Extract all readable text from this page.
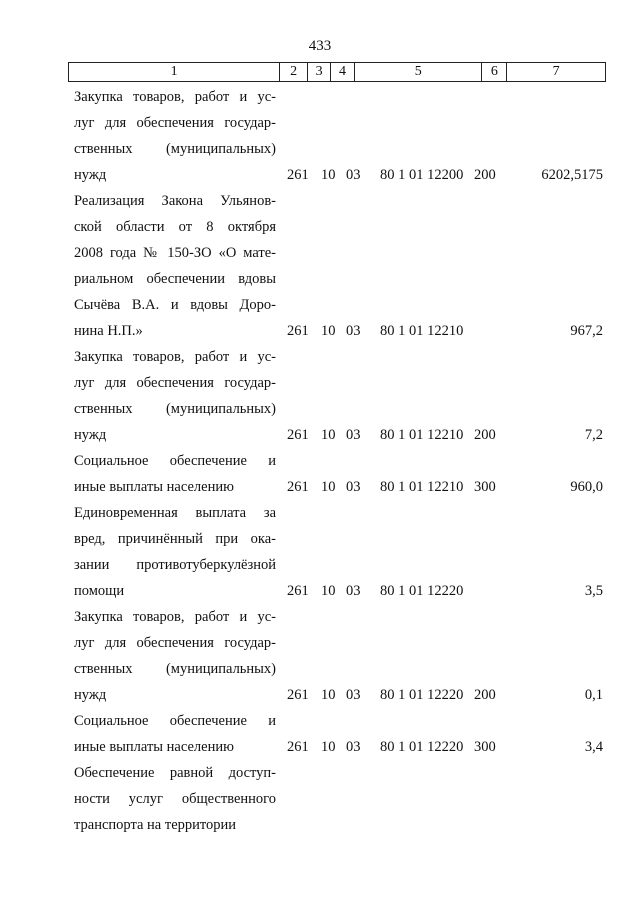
433
1	2	3	4	5	6	7
Закупка товаров, работ и ус-
луг для обеспечения государ-
ственных (муниципальных)
нужд	261 10 03 80 1 01 12200 200	6202,5175
Реализация Закона Ульянов-
ской области от 8 октября
2008 года № 150-ЗО «О мате-
риальном обеспечении вдовы
Сычёва В.А. и вдовы Доро-
нина Н.П.»	261 10 03 80 1 01 12210	967,2
Закупка товаров, работ и ус-
луг для обеспечения государ-
ственных (муниципальных)
нужд	261 10 03 80 1 01 12210 200	7,2
Социальное обеспечение и
иные выплаты населению	261 10 03 80 1 01 12210 300	960,0
Единовременная выплата за
вред, причинённый при ока-
зании противотуберкулёзной
помощи	261 10 03 80 1 01 12220	3,5
Закупка товаров, работ и ус-
луг для обеспечения государ-
ственных (муниципальных)
нужд	261 10 03 80 1 01 12220 200	0,1
Социальное обеспечение и
иные выплаты населению	261 10 03 80 1 01 12220 300	3,4
Обеспечение равной доступ-
ности услуг общественного
транспорта на территории
